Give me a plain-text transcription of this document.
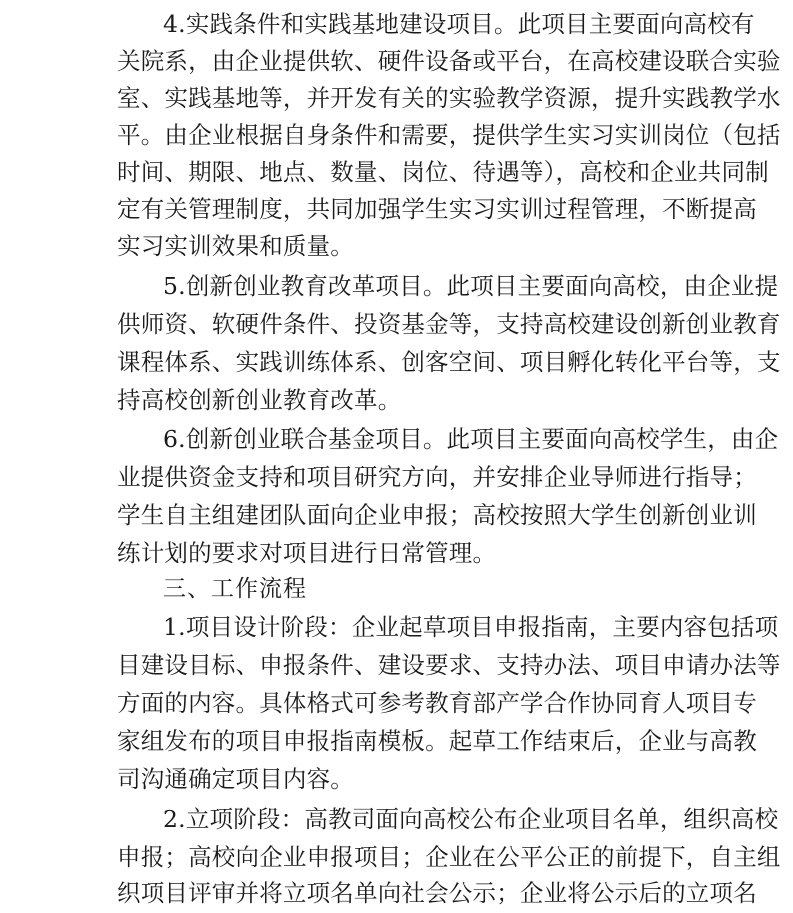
4.实践条件和实践基地建设项目。此项目主要面向高校有
关院系，由企业提供软、硬件设备或平台，在高校建设联合实验
室、实践基地等，并开发有关的实验教学资源，提升实践教学水
平。由企业根据自身条件和需要，提供学生实习实训岗位（包括
时间、期限、地点、数量、岗位、待遇等），高校和企业共同制
定有关管理制度，共同加强学生实习实训过程管理，不断提高
实习实训效果和质量。
5.创新创业教育改革项目。此项目主要面向高校，由企业提
供师资、软硬件条件、投资基金等，支持高校建设创新创业教育
课程体系、实践训练体系、创客空间、项目孵化转化平台等，支
持高校创新创业教育改革。
6.创新创业联合基金项目。此项目主要面向高校学生，由企
业提供资金支持和项目研究方向，并安排企业导师进行指导；
学生自主组建团队面向企业申报；高校按照大学生创新创业训
练计划的要求对项目进行日常管理。
三、工作流程
1.项目设计阶段：企业起草项目申报指南，主要内容包括项
目建设目标、申报条件、建设要求、支持办法、项目申请办法等
方面的内容。具体格式可参考教育部产学合作协同育人项目专
家组发布的项目申报指南模板。起草工作结束后，企业与高教
司沟通确定项目内容。
2.立项阶段：高教司面向高校公布企业项目名单，组织高校
申报；高校向企业申报项目；企业在公平公正的前提下，自主组
织项目评审并将立项名单向社会公示；企业将公示后的立项名
